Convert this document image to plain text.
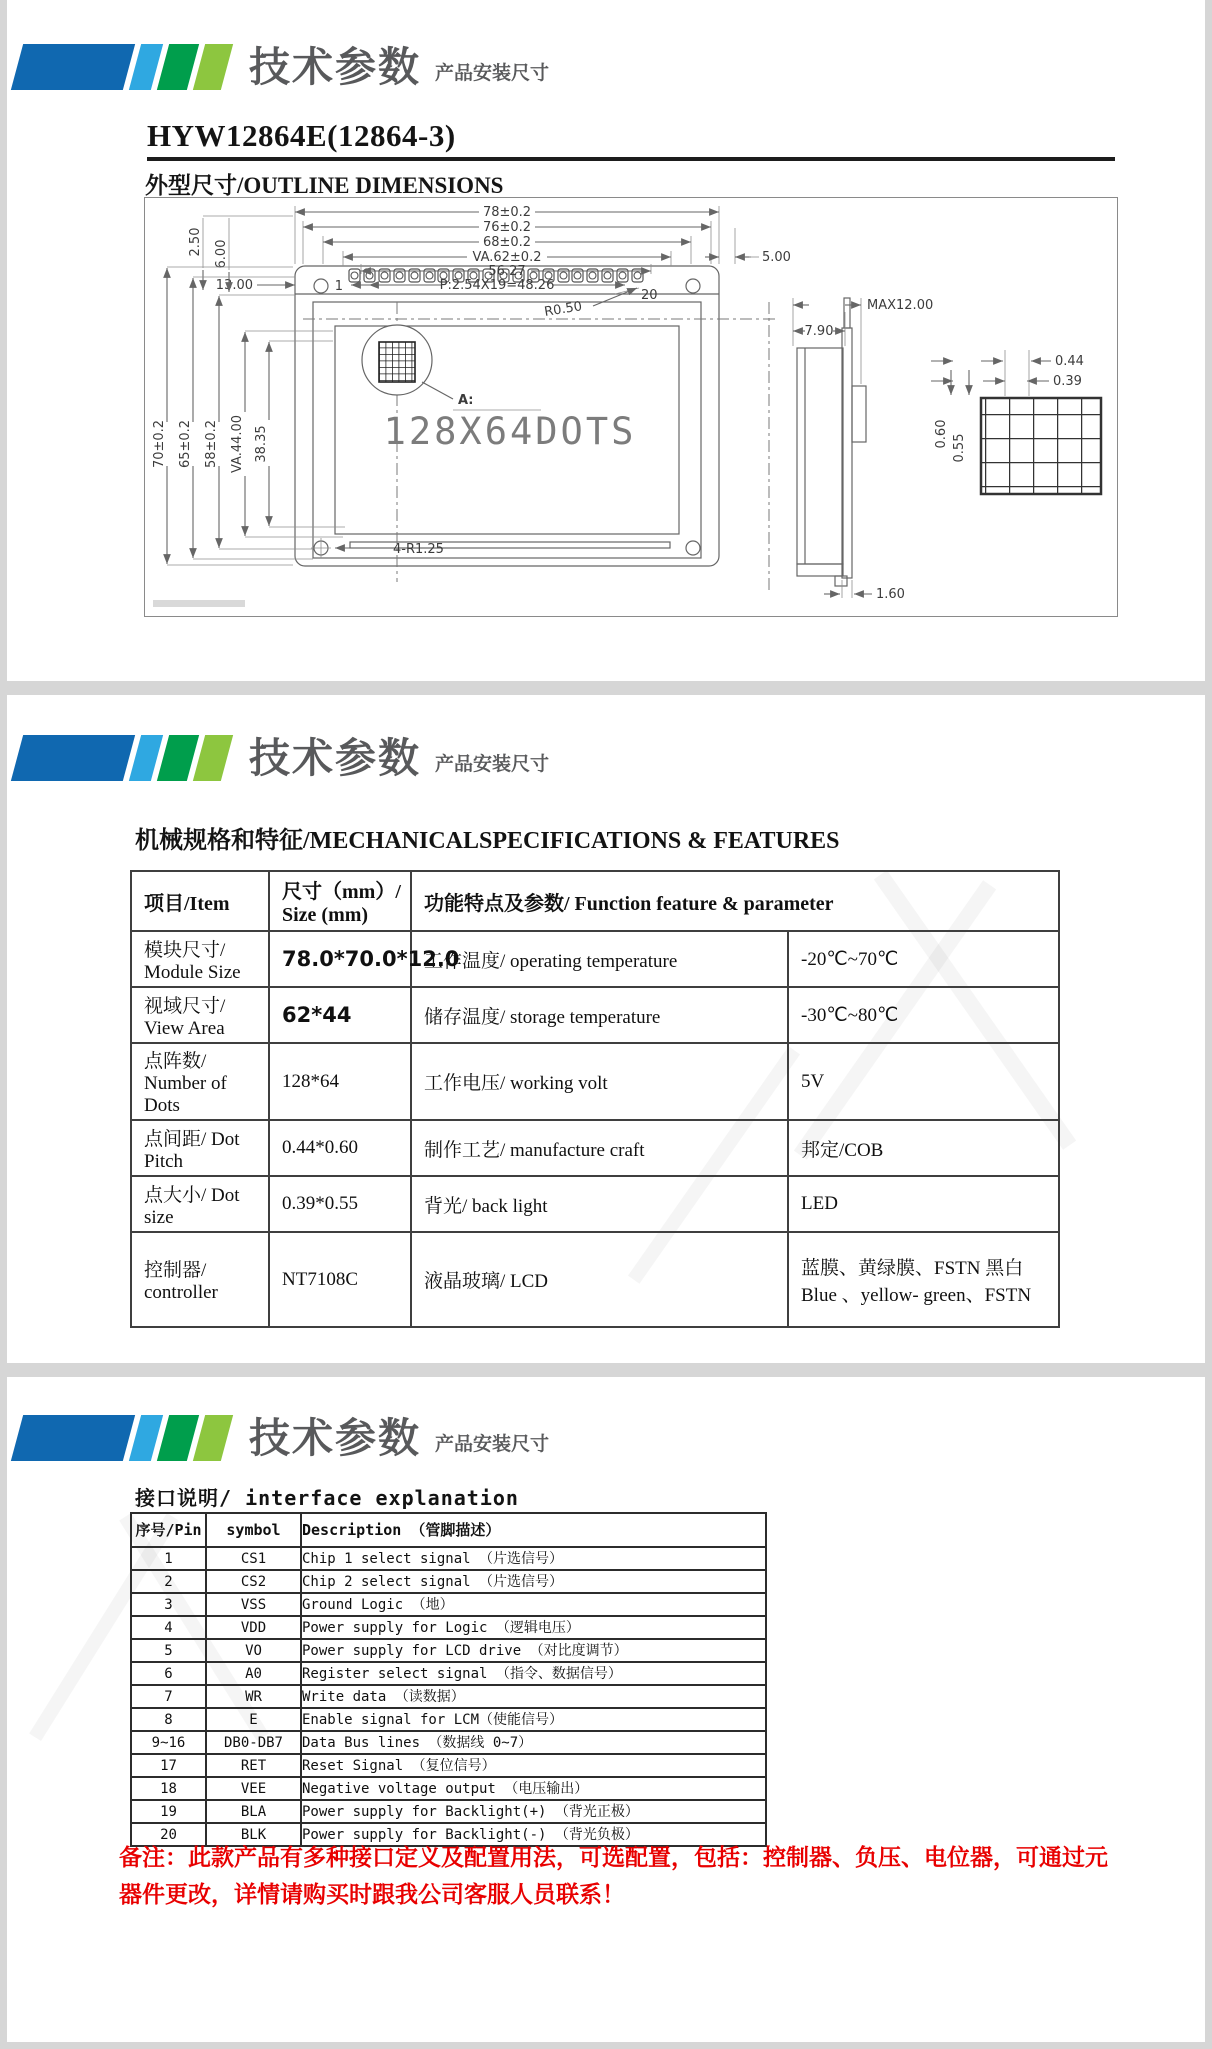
技术参数 产品安装尺寸
HYW12864E(12864-3)
外型尺寸/OUTLINE DIMENSIONS
1
20
A:
128X64DOTS
R0.50
78±0.2
76±0.2
68±0.2
VA.62±0.2
56.27
P:2.54X19=48.26
13.00
5.00
2.50 6.00
70±0.2 65±0.2 58±0.2 VA.44.00 38.35
4-R1.25
MAX12.00
7.90
1.60
0.44
0.39
0.60 0.55
技术参数 产品安装尺寸
机械规格和特征/MECHANICALSPECIFICATIONS & FEATURES
项目/Item	尺寸（mm）/ Size (mm)	功能特点及参数/ Function feature & parameter	
模块尺寸/ Module Size	78.0*70.0*12.0	工作温度/ operating temperature	-20℃~70℃
视域尺寸/ View Area	62*44	储存温度/ storage temperature	-30℃~80℃
点阵数/ Number of Dots	128*64	工作电压/ working volt	5V
点间距/ Dot Pitch	0.44*0.60	制作工艺/ manufacture craft	邦定/COB
点大小/ Dot size	0.39*0.55	背光/ back light	LED
控制器/ controller	NT7108C	液晶玻璃/ LCD	蓝膜、黄绿膜、FSTN 黑白
Blue 、yellow- green、FSTN
技术参数 产品安装尺寸
接口说明/ interface explanation
序号/Pin	symbol	Description （管脚描述）
1	CS1	Chip 1 select signal （片选信号）
2	CS2	Chip 2 select signal （片选信号）
3	VSS	Ground Logic （地）
4	VDD	Power supply for Logic （逻辑电压）
5	VO	Power supply for LCD drive （对比度调节）
6	A0	Register select signal （指令、数据信号）
7	WR	Write data （读数据）
8	E	Enable signal for LCM（使能信号）
9~16	DB0-DB7	Data Bus lines （数据线 0~7）
17	RET	Reset Signal （复位信号）
18	VEE	Negative voltage output （电压输出）
19	BLA	Power supply for Backlight(+) （背光正极）
20	BLK	Power supply for Backlight(-) （背光负极）
备注：此款产品有多种接口定义及配置用法，可选配置，包括：控制器、负压、电位器，可通过元器件更改，详情请购买时跟我公司客服人员联系！
